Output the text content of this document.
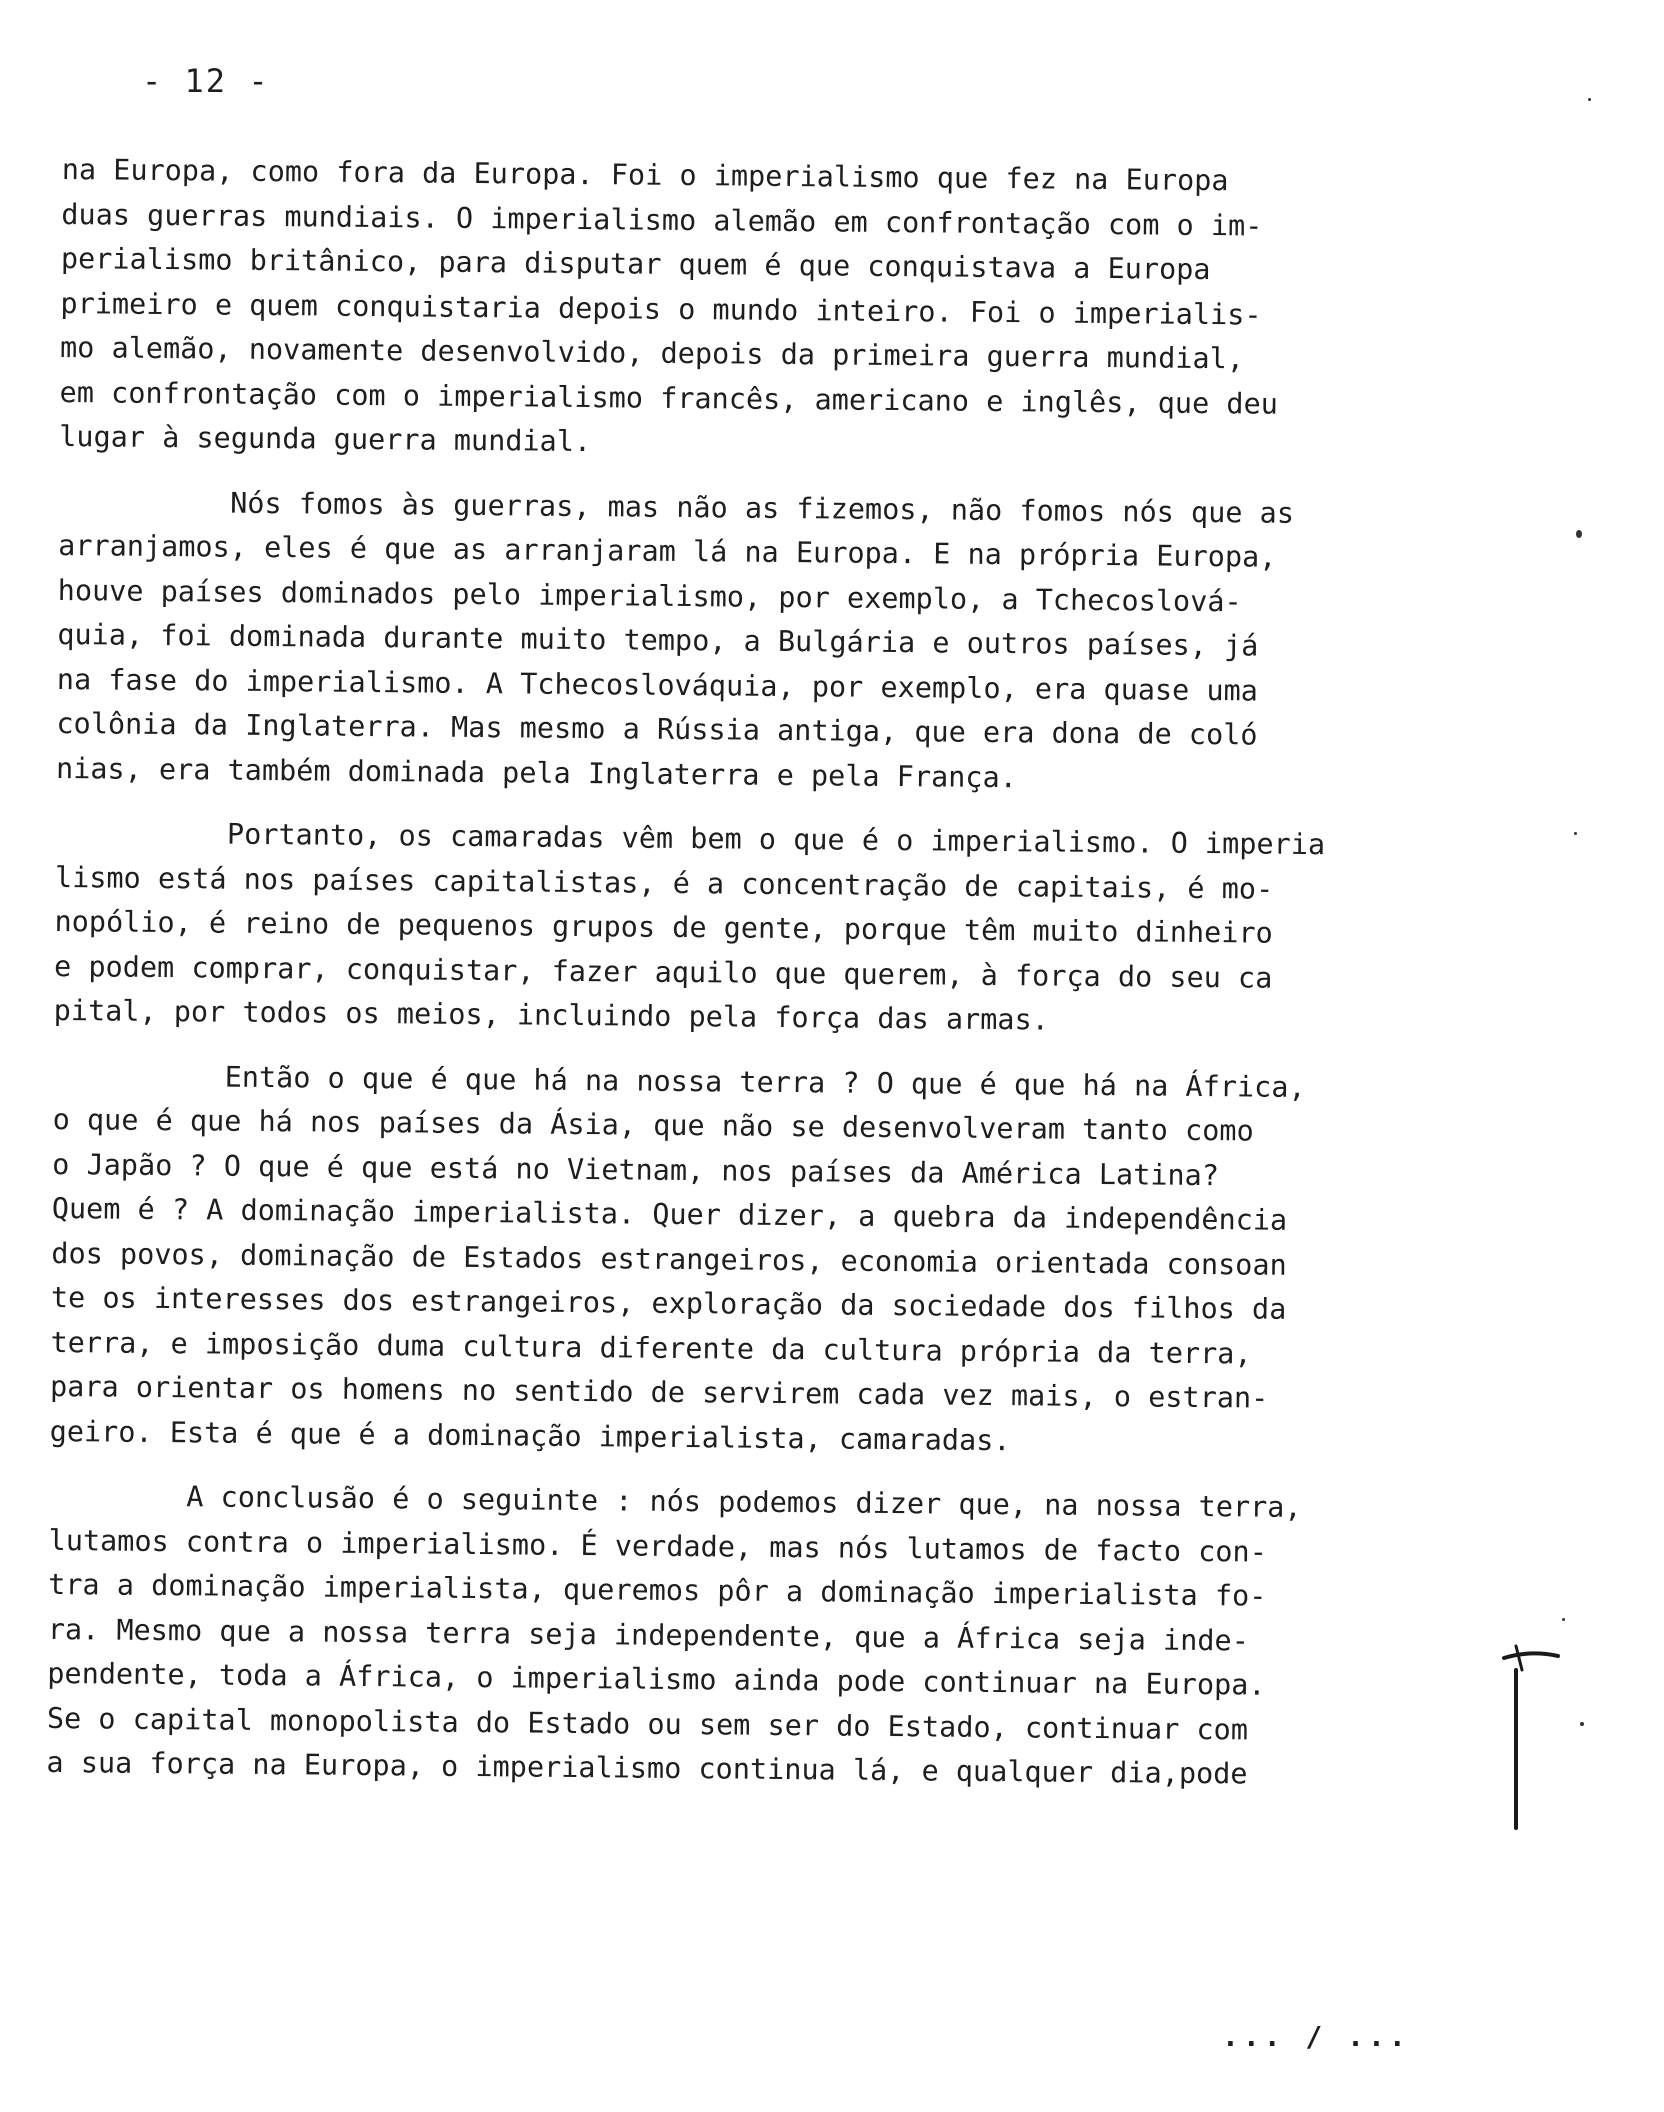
- 12 -
na Europa, como fora da Europa. Foi o imperialismo que fez na Europa
duas guerras mundiais. O imperialismo alemão em confrontação com o im-
perialismo britânico, para disputar quem é que conquistava a Europa
primeiro e quem conquistaria depois o mundo inteiro. Foi o imperialis-
mo alemão, novamente desenvolvido, depois da primeira guerra mundial,
em confrontação com o imperialismo francês, americano e inglês, que deu
lugar à segunda guerra mundial.
Nós fomos às guerras, mas não as fizemos, não fomos nós que as
arranjamos, eles é que as arranjaram lá na Europa. E na própria Europa,
houve países dominados pelo imperialismo, por exemplo, a Tchecoslová-
quia, foi dominada durante muito tempo, a Bulgária e outros países, já
na fase do imperialismo. A Tchecoslováquia, por exemplo, era quase uma
colônia da Inglaterra. Mas mesmo a Rússia antiga, que era dona de coló
nias, era também dominada pela Inglaterra e pela França.
Portanto, os camaradas vêm bem o que é o imperialismo. O imperia
lismo está nos países capitalistas, é a concentração de capitais, é mo-
nopólio, é reino de pequenos grupos de gente, porque têm muito dinheiro
e podem comprar, conquistar, fazer aquilo que querem, à força do seu ca
pital, por todos os meios, incluindo pela força das armas.
Então o que é que há na nossa terra ? O que é que há na África,
o que é que há nos países da Ásia, que não se desenvolveram tanto como
o Japão ? O que é que está no Vietnam, nos países da América Latina?
Quem é ? A dominação imperialista. Quer dizer, a quebra da independência
dos povos, dominação de Estados estrangeiros, economia orientada consoan
te os interesses dos estrangeiros, exploração da sociedade dos filhos da
terra, e imposição duma cultura diferente da cultura própria da terra,
para orientar os homens no sentido de servirem cada vez mais, o estran-
geiro. Esta é que é a dominação imperialista, camaradas.
A conclusão é o seguinte : nós podemos dizer que, na nossa terra,
lutamos contra o imperialismo. É verdade, mas nós lutamos de facto con-
tra a dominação imperialista, queremos pôr a dominação imperialista fo-
ra. Mesmo que a nossa terra seja independente, que a África seja inde-
pendente, toda a África, o imperialismo ainda pode continuar na Europa.
Se o capital monopolista do Estado ou sem ser do Estado, continuar com
a sua força na Europa, o imperialismo continua lá, e qualquer dia,pode
... / ...
